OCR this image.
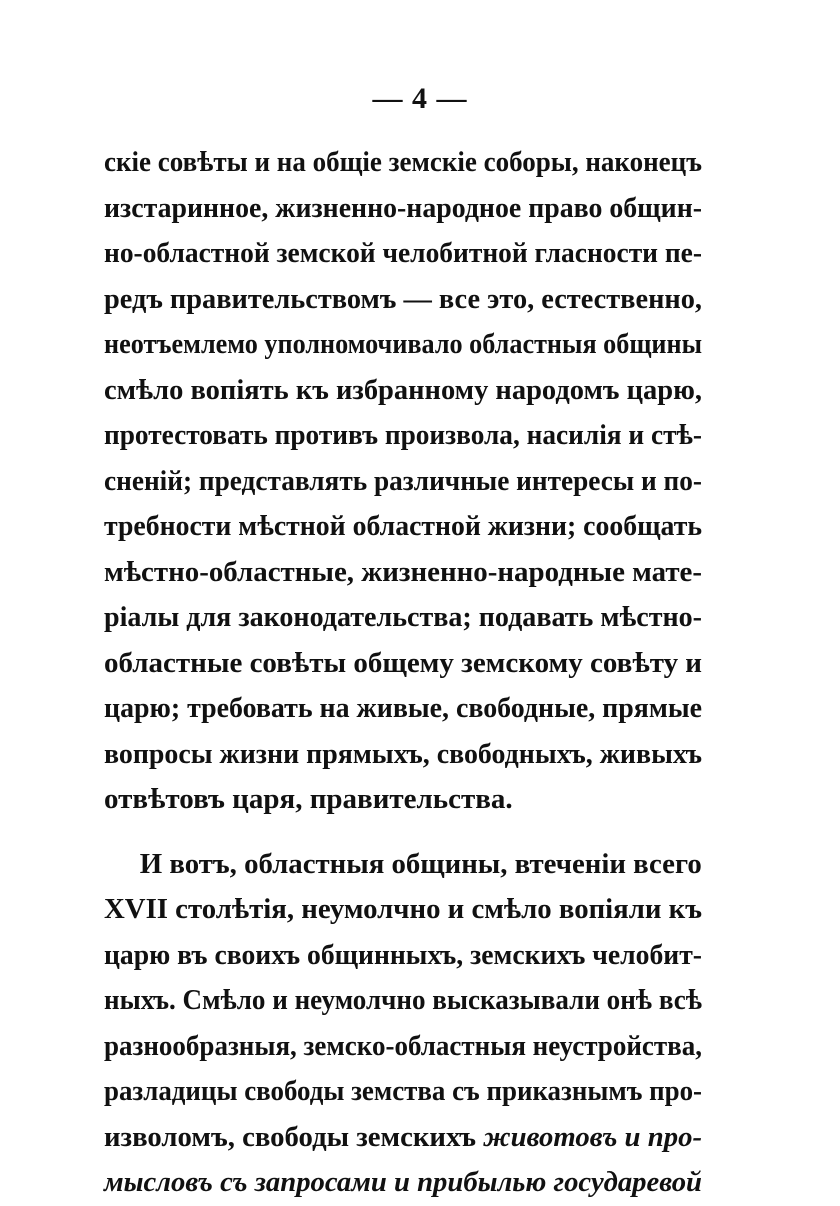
— 4 —
скіе совѣты и на общіе земскіе соборы, наконецъ
изстаринное, жизненно-народное право общин-
но-областной земской челобитной гласности пе-
редъ правительствомъ — все это, естественно,
неотъемлемо уполномочивало областныя общины
смѣло вопіять къ избранному народомъ царю,
протестовать противъ произвола, насилія и стѣ-
сненій; представлять различные интересы и по-
требности мѣстной областной жизни; сообщать
мѣстно-областные, жизненно-народные мате-
ріалы для законодательства; подавать мѣстно-
областные совѣты общему земскому совѣту и
царю; требовать на живые, свободные, прямые
вопросы жизни прямыхъ, свободныхъ, живыхъ
отвѣтовъ царя, правительства.
И вотъ, областныя общины, втеченіи всего
XVII столѣтія, неумолчно и смѣло вопіяли къ
царю въ своихъ общинныхъ, земскихъ челобит-
ныхъ. Смѣло и неумолчно высказывали онѣ всѣ
разнообразныя, земско-областныя неустройства,
разладицы свободы земства съ приказнымъ про-
изволомъ, свободы земскихъ животовъ и про-
мысловъ съ запросами и прибылью государевой
